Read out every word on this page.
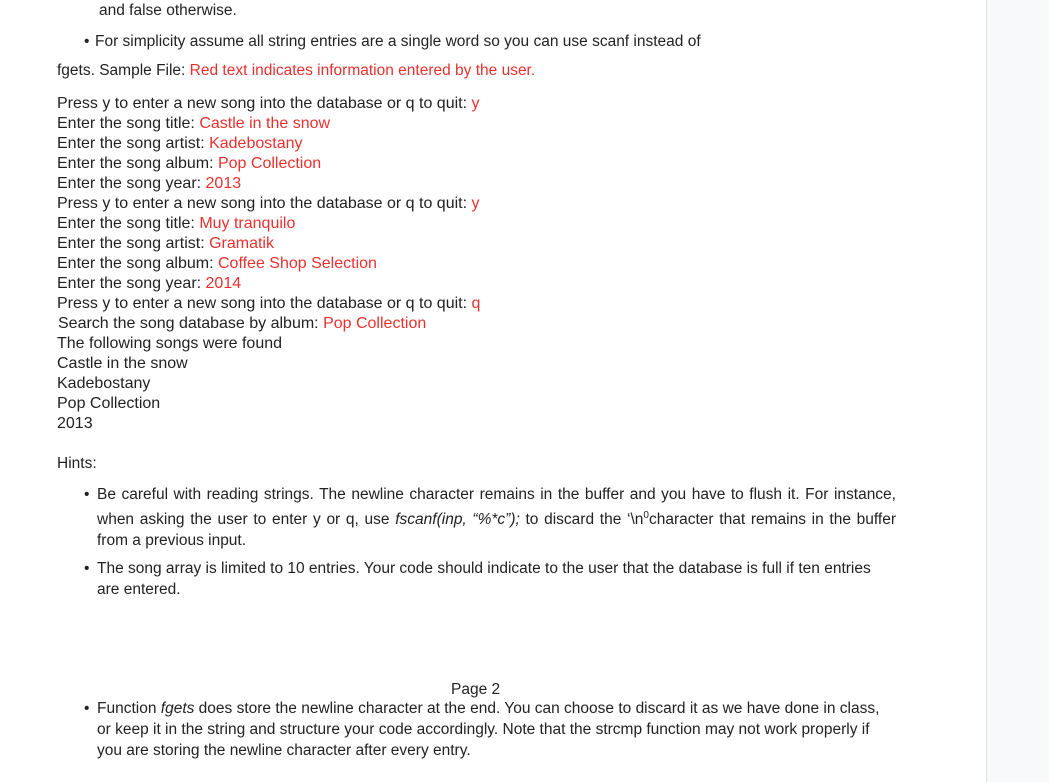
and false otherwise.
• For simplicity assume all string entries are a single word so you can use scanf instead of
fgets. Sample File: Red text indicates information entered by the user.
Press y to enter a new song into the database or q to quit: y
Enter the song title: Castle in the snow
Enter the song artist: Kadebostany
Enter the song album: Pop Collection
Enter the song year: 2013
Press y to enter a new song into the database or q to quit: y
Enter the song title: Muy tranquilo
Enter the song artist: Gramatik
Enter the song album: Coffee Shop Selection
Enter the song year: 2014
Press y to enter a new song into the database or q to quit: q
Search the song database by album: Pop Collection
The following songs were found
Castle in the snow
Kadebostany
Pop Collection
2013
Hints:
• Be careful with reading strings. The newline character remains in the buffer and you have to flush it. For instance, when asking the user to enter y or q, use fscanf(inp, “%*c”); to discard the ‘$\backslash n^0character$ that remains in the buffer from a previous input.
• The song array is limited to 10 entries. Your code should indicate to the user that the database is full if ten entries are entered.
Page 2
• Function fgets does store the newline character at the end. You can choose to discard it as we have done in class, or keep it in the string and structure your code accordingly. Note that the strcmp function may not work properly if you are storing the newline character after every entry.
